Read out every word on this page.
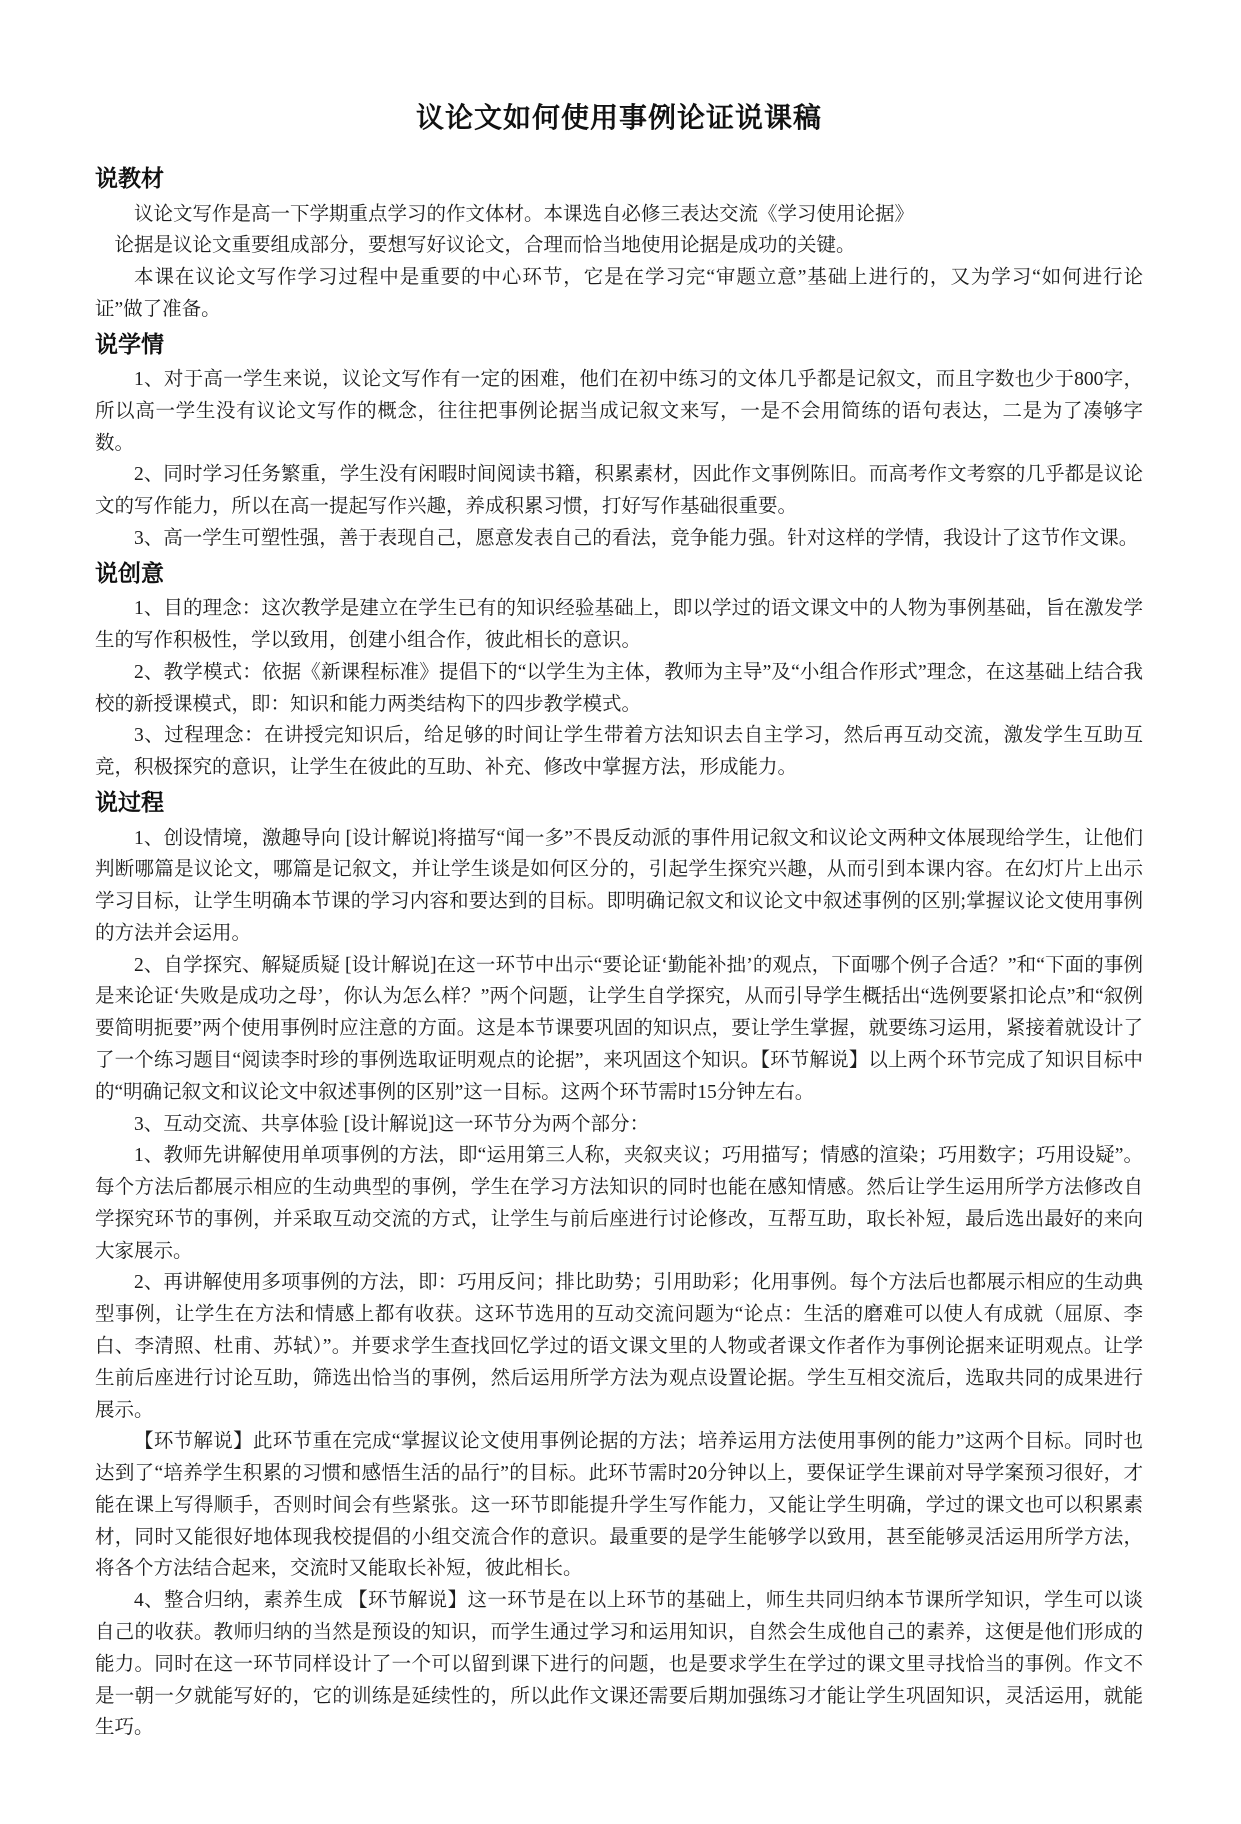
议论文如何使用事例论证说课稿
说教材

议论文写作是高一下学期重点学习的作文体材。本课选自必修三表达交流《学习使用论据》

论据是议论文重要组成部分，要想写好议论文，合理而恰当地使用论据是成功的关键。

本课在议论文写作学习过程中是重要的中心环节，它是在学习完“审题立意”基础上进行的，又为学习“如何进行论证”做了准备。

说学情

1、对于高一学生来说，议论文写作有一定的困难，他们在初中练习的文体几乎都是记叙文，而且字数也少于800字，所以高一学生没有议论文写作的概念，往往把事例论据当成记叙文来写，一是不会用简练的语句表达，二是为了凑够字数。

2、同时学习任务繁重，学生没有闲暇时间阅读书籍，积累素材，因此作文事例陈旧。而高考作文考察的几乎都是议论文的写作能力，所以在高一提起写作兴趣，养成积累习惯，打好写作基础很重要。

3、高一学生可塑性强，善于表现自己，愿意发表自己的看法，竞争能力强。针对这样的学情，我设计了这节作文课。

说创意

1、目的理念：这次教学是建立在学生已有的知识经验基础上，即以学过的语文课文中的人物为事例基础，旨在激发学生的写作积极性，学以致用，创建小组合作，彼此相长的意识。

2、教学模式：依据《新课程标准》提倡下的“以学生为主体，教师为主导”及“小组合作形式”理念，在这基础上结合我校的新授课模式，即：知识和能力两类结构下的四步教学模式。

3、过程理念：在讲授完知识后，给足够的时间让学生带着方法知识去自主学习，然后再互动交流，激发学生互助互竞，积极探究的意识，让学生在彼此的互助、补充、修改中掌握方法，形成能力。

说过程

1、创设情境，激趣导向 [设计解说]将描写“闻一多”不畏反动派的事件用记叙文和议论文两种文体展现给学生，让他们判断哪篇是议论文，哪篇是记叙文，并让学生谈是如何区分的，引起学生探究兴趣，从而引到本课内容。在幻灯片上出示学习目标，让学生明确本节课的学习内容和要达到的目标。即明确记叙文和议论文中叙述事例的区别;掌握议论文使用事例的方法并会运用。

2、自学探究、解疑质疑 [设计解说]在这一环节中出示“要论证‘勤能补拙’的观点，下面哪个例子合适？”和“下面的事例是来论证‘失败是成功之母’，你认为怎么样？”两个问题，让学生自学探究，从而引导学生概括出“选例要紧扣论点”和“叙例要简明扼要”两个使用事例时应注意的方面。这是本节课要巩固的知识点，要让学生掌握，就要练习运用，紧接着就设计了了一个练习题目“阅读李时珍的事例选取证明观点的论据”，来巩固这个知识。【环节解说】以上两个环节完成了知识目标中的“明确记叙文和议论文中叙述事例的区别”这一目标。这两个环节需时15分钟左右。

3、互动交流、共享体验 [设计解说]这一环节分为两个部分：

1、教师先讲解使用单项事例的方法，即“运用第三人称，夹叙夹议；巧用描写；情感的渲染；巧用数字；巧用设疑”。每个方法后都展示相应的生动典型的事例，学生在学习方法知识的同时也能在感知情感。然后让学生运用所学方法修改自学探究环节的事例，并采取互动交流的方式，让学生与前后座进行讨论修改，互帮互助，取长补短，最后选出最好的来向大家展示。

2、再讲解使用多项事例的方法，即：巧用反问；排比助势；引用助彩；化用事例。每个方法后也都展示相应的生动典型事例，让学生在方法和情感上都有收获。这环节选用的互动交流问题为“论点：生活的磨难可以使人有成就（屈原、李白、李清照、杜甫、苏轼）”。并要求学生查找回忆学过的语文课文里的人物或者课文作者作为事例论据来证明观点。让学生前后座进行讨论互助，筛选出恰当的事例，然后运用所学方法为观点设置论据。学生互相交流后，选取共同的成果进行展示。

【环节解说】此环节重在完成“掌握议论文使用事例论据的方法；培养运用方法使用事例的能力”这两个目标。同时也达到了“培养学生积累的习惯和感悟生活的品行”的目标。此环节需时20分钟以上，要保证学生课前对导学案预习很好，才能在课上写得顺手，否则时间会有些紧张。这一环节即能提升学生写作能力，又能让学生明确，学过的课文也可以积累素材，同时又能很好地体现我校提倡的小组交流合作的意识。最重要的是学生能够学以致用，甚至能够灵活运用所学方法，将各个方法结合起来，交流时又能取长补短，彼此相长。

4、整合归纳，素养生成 【环节解说】这一环节是在以上环节的基础上，师生共同归纳本节课所学知识，学生可以谈自己的收获。教师归纳的当然是预设的知识，而学生通过学习和运用知识，自然会生成他自己的素养，这便是他们形成的能力。同时在这一环节同样设计了一个可以留到课下进行的问题，也是要求学生在学过的课文里寻找恰当的事例。作文不是一朝一夕就能写好的，它的训练是延续性的，所以此作文课还需要后期加强练习才能让学生巩固知识，灵活运用，就能生巧。
